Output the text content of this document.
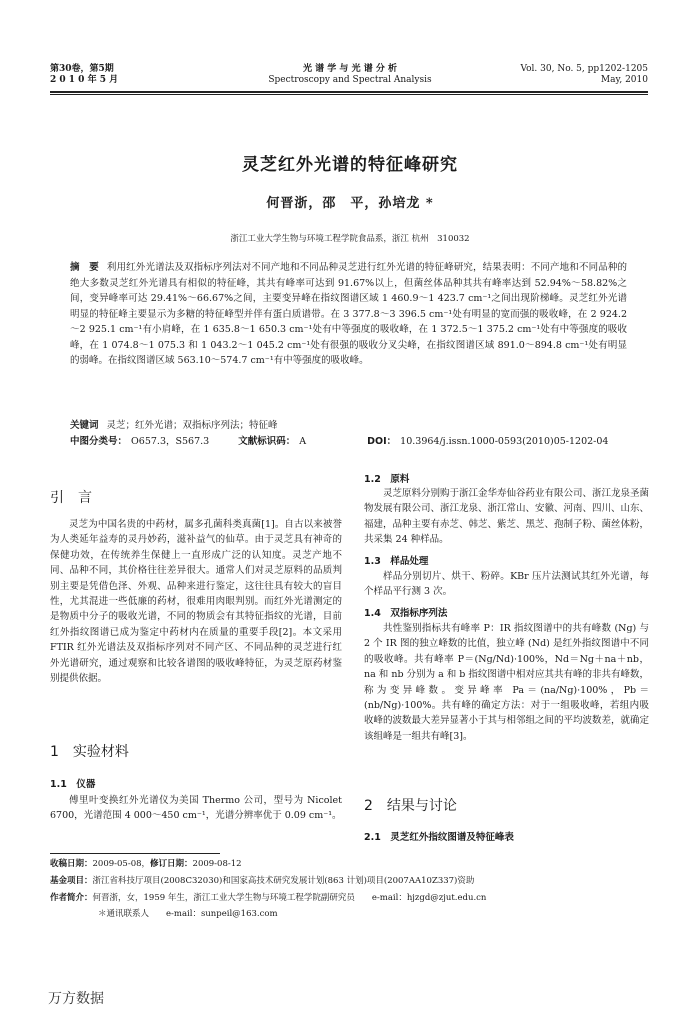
第30卷，第5期
2 0 1 0 年 5 月
光 谱 学 与 光 谱 分 析
Spectroscopy and Spectral Analysis
Vol. 30, No. 5, pp1202-1205
May, 2010
灵芝红外光谱的特征峰研究
何晋浙，邵　平，孙培龙 *
浙江工业大学生物与环境工程学院食品系，浙江 杭州　310032
摘　要 利用红外光谱法及双指标序列法对不同产地和不同品种灵芝进行红外光谱的特征峰研究，结果表明：不同产地和不同品种的绝大多数灵芝红外光谱具有相似的特征峰，其共有峰率可达到 91.67%以上，但菌丝体品种其共有峰率达到 52.94%～58.82%之间，变异峰率可达 29.41%～66.67%之间，主要变异峰在指纹图谱区域 1 460.9～1 423.7 cm⁻¹之间出现阶梯峰。灵芝红外光谱明显的特征峰主要显示为多糖的特征峰型并伴有蛋白质谱带。在 3 377.8～3 396.5 cm⁻¹处有明显的宽而强的吸收峰，在 2 924.2～2 925.1 cm⁻¹有小肩峰，在 1 635.8～1 650.3 cm⁻¹处有中等强度的吸收峰，在 1 372.5～1 375.2 cm⁻¹处有中等强度的吸收峰，在 1 074.8～1 075.3 和 1 043.2～1 045.2 cm⁻¹处有很强的吸收分叉尖峰，在指纹图谱区域 891.0～894.8 cm⁻¹处有明显的弱峰。在指纹图谱区域 563.10～574.7 cm⁻¹有中等强度的吸收峰。
关键词 灵芝；红外光谱；双指标序列法；特征峰
中图分类号： O657.3，S567.3	文献标识码： A	DOI： 10.3964/j.issn.1000-0593(2010)05-1202-04
引　言
灵芝为中国名贵的中药材，属多孔菌科类真菌[1]。自古以来被誉为人类延年益寿的灵丹妙药，滋补益气的仙草。由于灵芝具有神奇的保健功效，在传统养生保健上一直形成广泛的认知度。灵芝产地不同、品种不同，其价格往往差异很大。通常人们对灵芝原料的品质判别主要是凭借色泽、外观、品种来进行鉴定，这往往具有较大的盲目性，尤其混进一些低廉的药材，很难用肉眼判别。而红外光谱测定的是物质中分子的吸收光谱，不同的物质会有其特征指纹的光谱，目前红外指纹图谱已成为鉴定中药材内在质量的重要手段[2]。本文采用 FTIR 红外光谱法及双指标序列对不同产区、不同品种的灵芝进行红外光谱研究，通过观察和比较各谱图的吸收峰特征，为灵芝原药材鉴别提供依据。
1　实验材料
1.1　仪器
傅里叶变换红外光谱仪为美国 Thermo 公司，型号为 Nicolet 6700，光谱范围 4 000～450 cm⁻¹，光谱分辨率优于 0.09 cm⁻¹。
1.2　原料
灵芝原料分别购于浙江金华寿仙谷药业有限公司、浙江龙泉圣菌物发展有限公司、浙江龙泉、浙江常山、安徽、河南、四川、山东、福建，品种主要有赤芝、韩芝、紫芝、黑芝、孢制子粉、菌丝体粉，共采集 24 种样品。
1.3　样品处理
样品分别切片、烘干、粉碎。KBr 压片法测试其红外光谱，每个样品平行测 3 次。
1.4　双指标序列法
共性鉴别指标共有峰率 P：IR 指纹图谱中的共有峰数 (Ng) 与 2 个 IR 图的独立峰数的比值，独立峰 (Nd) 是红外指纹图谱中不同的吸收峰。共有峰率 P＝(Ng/Nd)·100%，Nd＝Ng＋na＋nb，na 和 nb 分别为 a 和 b 指纹图谱中相对应其共有峰的非共有峰数，称为变异峰数。变异峰率 Pa＝(na/Ng)·100%，Pb＝(nb/Ng)·100%。共有峰的确定方法：对于一组吸收峰，若组内吸收峰的波数最大差异显著小于其与相邻组之间的平均波数差，就确定该组峰是一组共有峰[3]。
2　结果与讨论
2.1　灵芝红外指纹图谱及特征峰表
收稿日期：2009-05-08，修订日期：2009-08-12
基金项目：浙江省科技厅项目(2008C32030)和国家高技术研究发展计划(863 计划)项目(2007AA10Z337)资助
作者简介：何晋浙，女，1959 年生，浙江工业大学生物与环境工程学院副研究员　　e-mail：hjzgd@zjut.edu.cn
＊通讯联系人　　e-mail：sunpeil@163.com
万方数据
